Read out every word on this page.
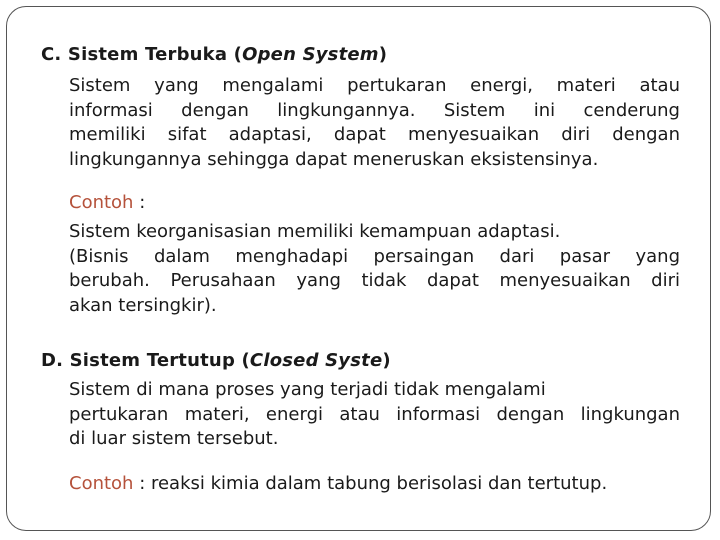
C. Sistem Terbuka (Open System)
Sistem yang mengalami pertukaran energi, materi atau
informasi dengan lingkungannya. Sistem ini cenderung
memiliki sifat adaptasi, dapat menyesuaikan diri dengan
lingkungannya sehingga dapat meneruskan eksistensinya.
Contoh :
Sistem keorganisasian memiliki kemampuan adaptasi.
(Bisnis dalam menghadapi persaingan dari pasar yang
berubah. Perusahaan yang tidak dapat menyesuaikan diri
akan tersingkir).
D. Sistem Tertutup (Closed Syste)
Sistem di mana proses yang terjadi tidak mengalami
pertukaran materi, energi atau informasi dengan lingkungan
di luar sistem tersebut.
Contoh : reaksi kimia dalam tabung berisolasi dan tertutup.
